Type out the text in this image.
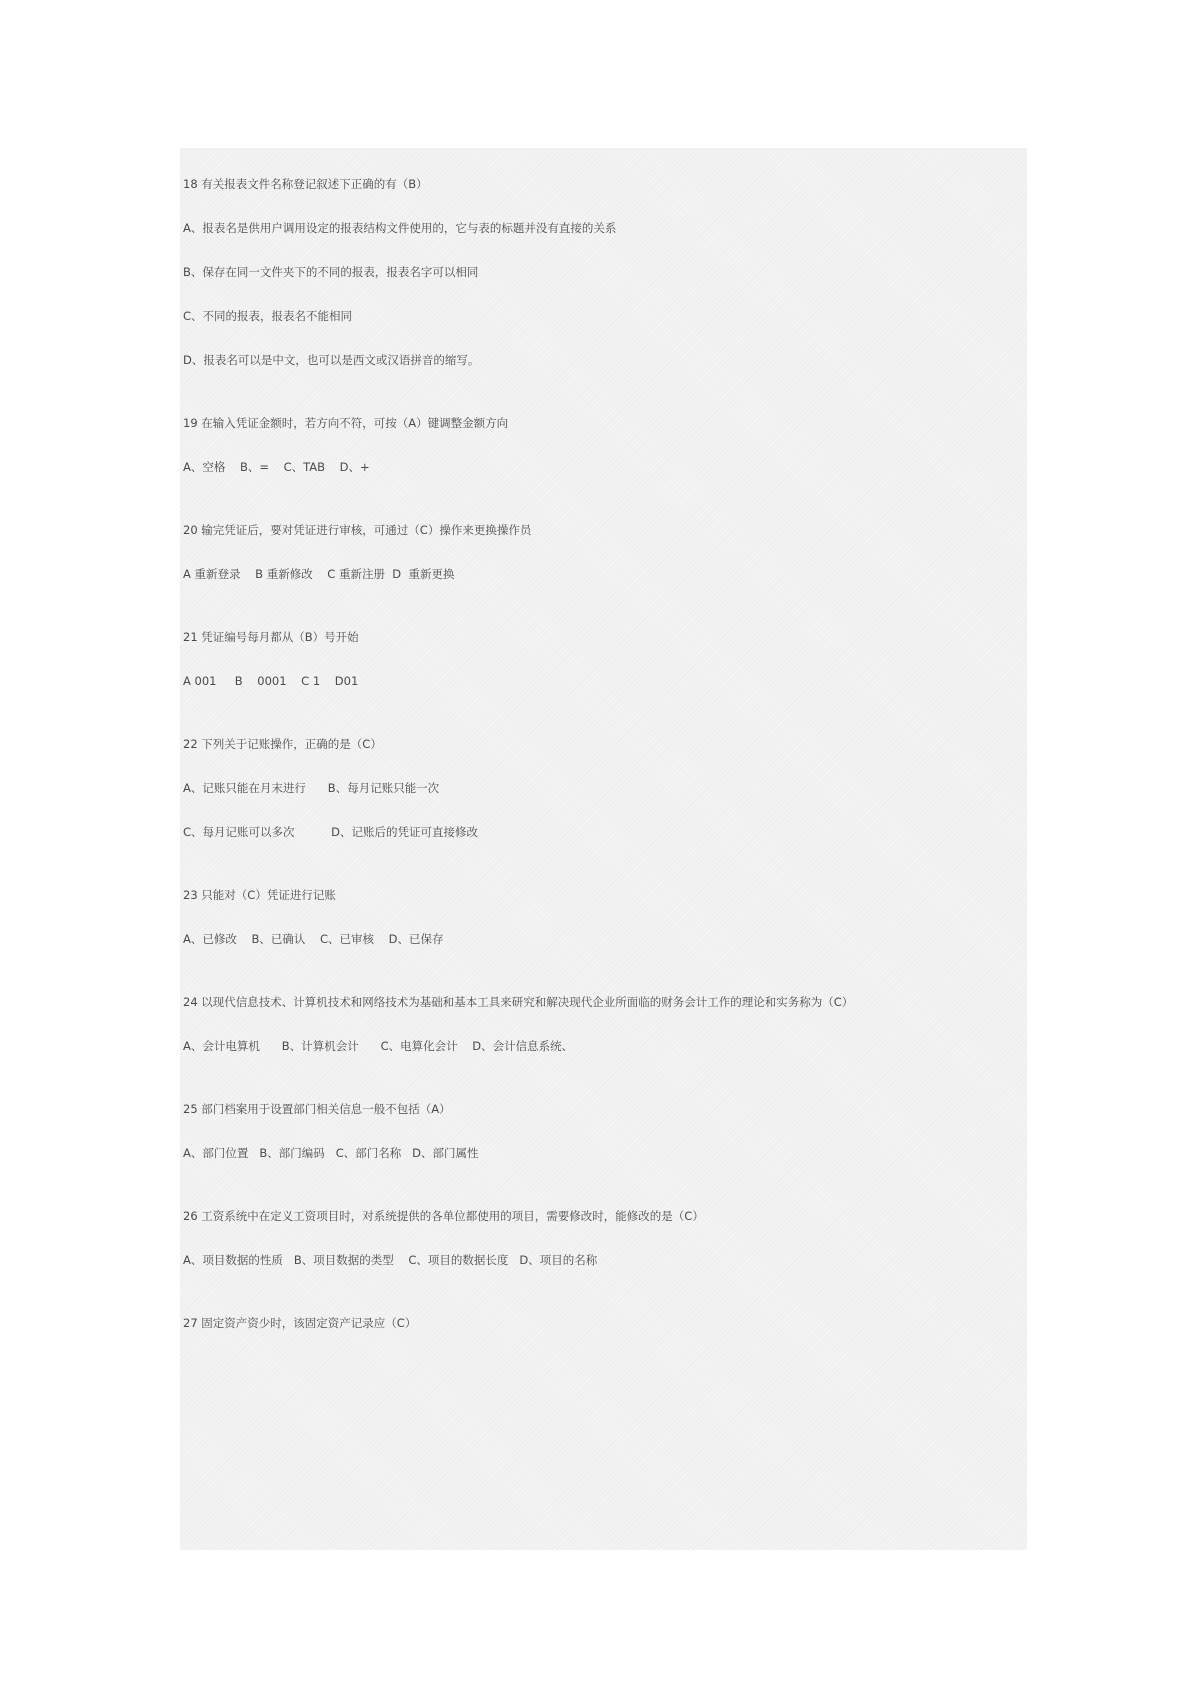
18 有关报表文件名称登记叙述下正确的有（B）
A、报表名是供用户调用设定的报表结构文件使用的，它与表的标题并没有直接的关系
B、保存在同一文件夹下的不同的报表，报表名字可以相同
C、不同的报表，报表名不能相同
D、报表名可以是中文，也可以是西文或汉语拼音的缩写。
19 在输入凭证金额时，若方向不符，可按（A）键调整金额方向
A、空格    B、=    C、TAB    D、+
20 输完凭证后，要对凭证进行审核，可通过（C）操作来更换操作员
A 重新登录    B 重新修改    C 重新注册  D  重新更换
21 凭证编号每月都从（B）号开始
A 001     B    0001    C 1    D01
22 下列关于记账操作，正确的是（C）
A、记账只能在月末进行      B、每月记账只能一次
C、每月记账可以多次          D、记账后的凭证可直接修改
23 只能对（C）凭证进行记账
A、已修改    B、已确认    C、已审核    D、已保存
24 以现代信息技术、计算机技术和网络技术为基础和基本工具来研究和解决现代企业所面临的财务会计工作的理论和实务称为（C）
A、会计电算机      B、计算机会计      C、电算化会计    D、会计信息系统、
25 部门档案用于设置部门相关信息一般不包括（A）
A、部门位置   B、部门编码   C、部门名称   D、部门属性
26 工资系统中在定义工资项目时，对系统提供的各单位都使用的项目，需要修改时，能修改的是（C）
A、项目数据的性质   B、项目数据的类型    C、项目的数据长度   D、项目的名称
27 固定资产资少时，该固定资产记录应（C）
